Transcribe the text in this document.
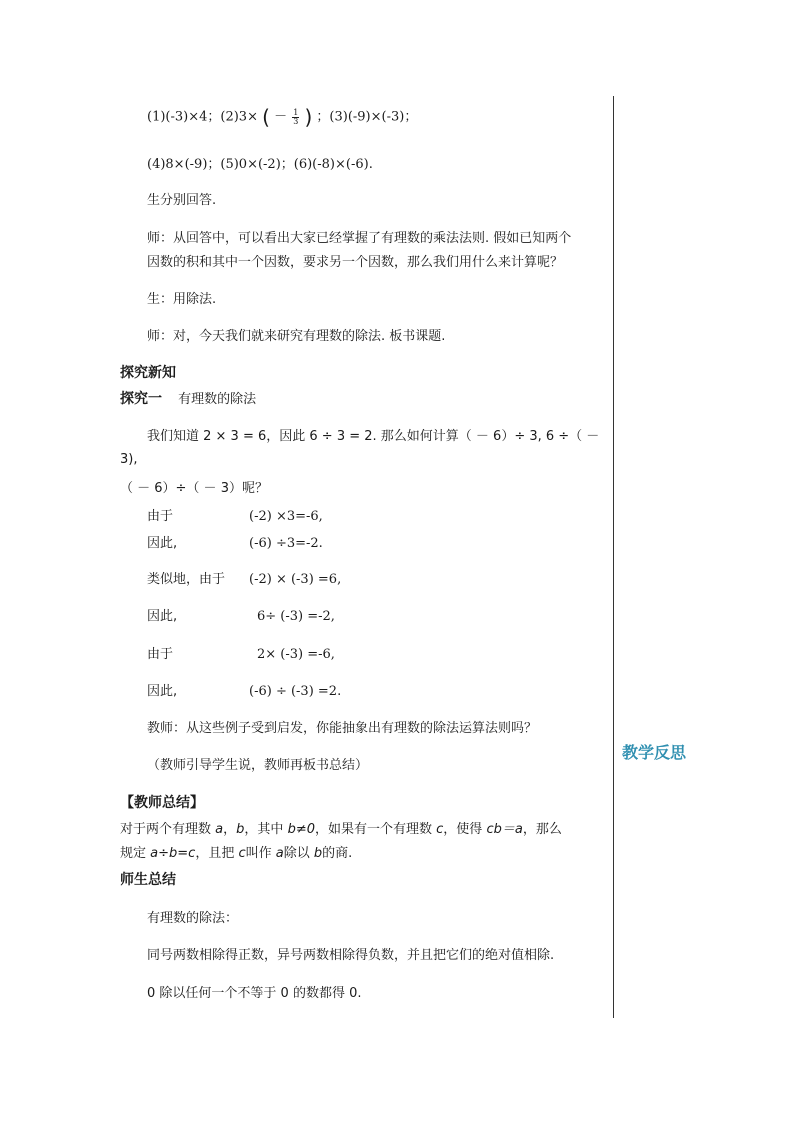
(1)(-3)×4；(2)3× ( － $\frac{1}{3}$ ) ；(3)(-9)×(-3)；
(4)8×(-9)；(5)0×(-2)；(6)(-8)×(-6).
生分别回答.
师：从回答中，可以看出大家已经掌握了有理数的乘法法则. 假如已知两个
因数的积和其中一个因数，要求另一个因数，那么我们用什么来计算呢？
生：用除法.
师：对，今天我们就来研究有理数的除法. 板书课题.
探究新知
探究一 有理数的除法
我们知道 2 × 3 = 6，因此 6 ÷ 3 = 2. 那么如何计算（ － 6）÷ 3, 6 ÷（ －
3),
（ － 6）÷（ － 3）呢？
由于	(-2) ×3=-6,
因此,	(-6) ÷3=-2.
类似地，由于 (-2) × (-3) =6,
因此,	6÷ (-3) =-2,
由于	2× (-3) =-6,
因此,	(-6) ÷ (-3) =2.
教师：从这些例子受到启发，你能抽象出有理数的除法运算法则吗？
（教师引导学生说，教师再板书总结）
【教师总结】
对于两个有理数 a，b，其中 b≠0，如果有一个有理数 c，使得 cb＝a，那么
规定 a÷b=c，且把 c叫作 a除以 b的商.
师生总结
有理数的除法：
同号两数相除得正数，异号两数相除得负数，并且把它们的绝对值相除.
0 除以任何一个不等于 0 的数都得 0.
教学反思
